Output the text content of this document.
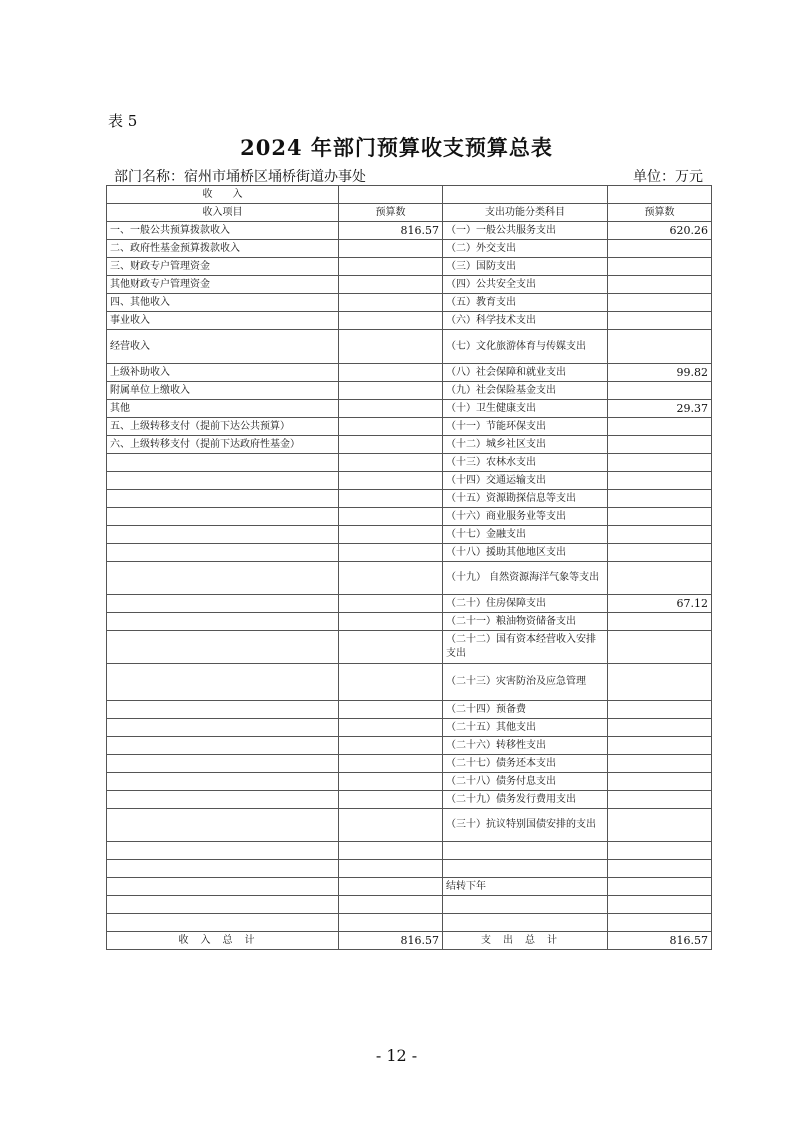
表 5
2024 年部门预算收支预算总表
部门名称：宿州市埇桥区埇桥街道办事处	单位：万元
收　　入			
收入项目	预算数	支出功能分类科目	预算数
一、一般公共预算拨款收入	816.57	（一）一般公共服务支出	620.26
二、政府性基金预算拨款收入		（二）外交支出	
三、财政专户管理资金		（三）国防支出	
其他财政专户管理资金		（四）公共安全支出	
四、其他收入		（五）教育支出	
事业收入		（六）科学技术支出	
经营收入		（七）文化旅游体育与传媒支出	
上级补助收入		（八）社会保障和就业支出	99.82
附属单位上缴收入		（九）社会保险基金支出	
其他		（十）卫生健康支出	29.37
五、上级转移支付（提前下达公共预算）		（十一）节能环保支出	
六、上级转移支付（提前下达政府性基金）		（十二）城乡社区支出	
		（十三）农林水支出	
		（十四）交通运输支出	
		（十五）资源勘探信息等支出	
		（十六）商业服务业等支出	
		（十七）金融支出	
		（十八）援助其他地区支出	
		（十九） 自然资源海洋气象等支出	
		（二十）住房保障支出	67.12
		（二十一）粮油物资储备支出	
		（二十二）国有资本经营收入安排支出	
		（二十三）灾害防治及应急管理	
		（二十四）预备费	
		（二十五）其他支出	
		（二十六）转移性支出	
		（二十七）债务还本支出	
		（二十八）债务付息支出	
		（二十九）债务发行费用支出	
		（三十）抗议特别国债安排的支出	

		结转下年	

收入总计	816.57	支出总计	816.57
- 12 -
